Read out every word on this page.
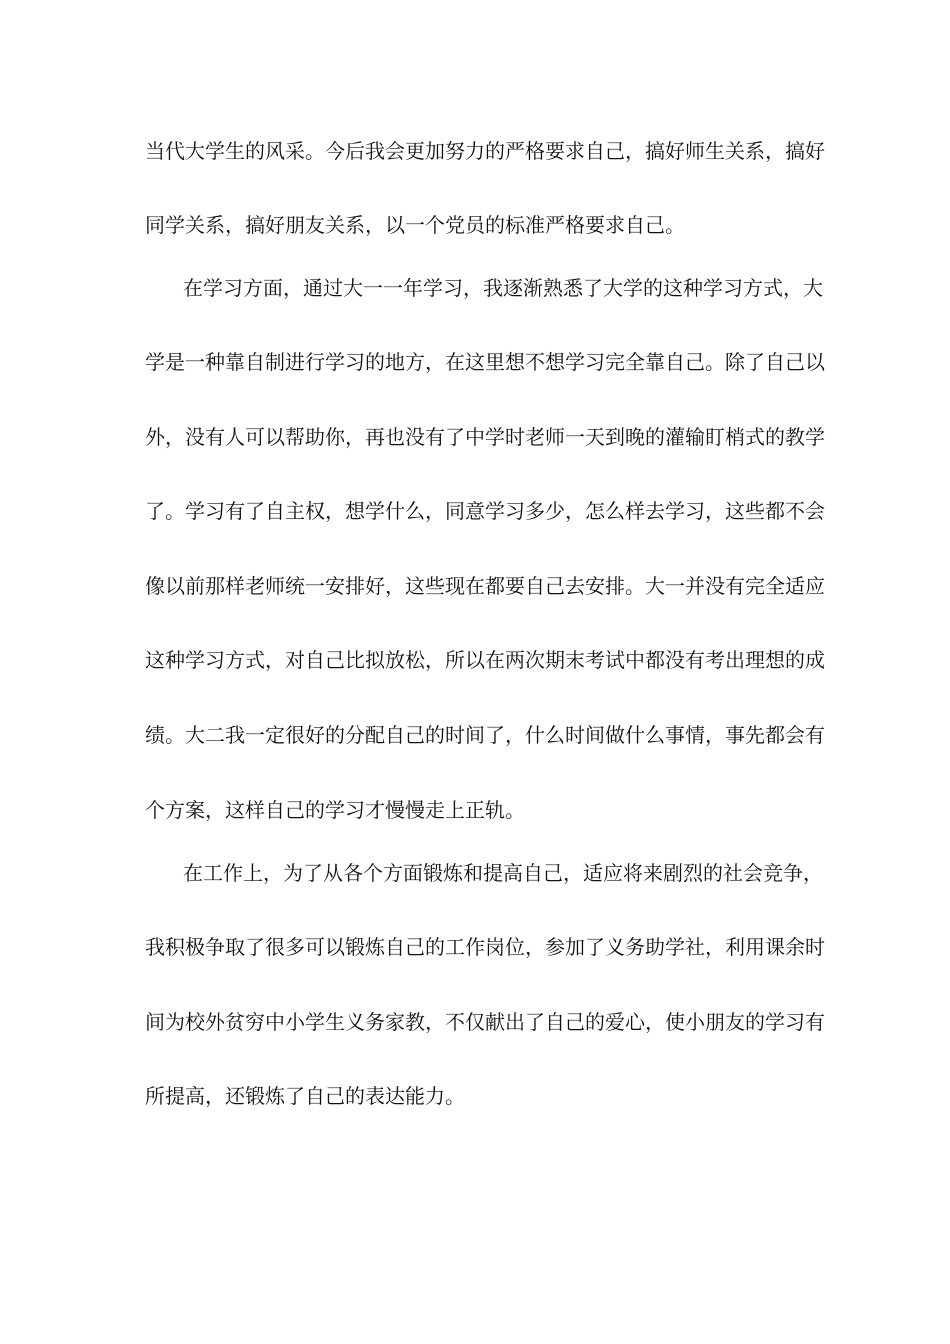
当代大学生的风采。今后我会更加努力的严格要求自己，搞好师生关系，搞好
同学关系，搞好朋友关系，以一个党员的标准严格要求自己。
在学习方面，通过大一一年学习，我逐渐熟悉了大学的这种学习方式，大
学是一种靠自制进行学习的地方，在这里想不想学习完全靠自己。除了自己以
外，没有人可以帮助你，再也没有了中学时老师一天到晚的灌输盯梢式的教学
了。学习有了自主权，想学什么，同意学习多少，怎么样去学习，这些都不会
像以前那样老师统一安排好，这些现在都要自己去安排。大一并没有完全适应
这种学习方式，对自己比拟放松，所以在两次期末考试中都没有考出理想的成
绩。大二我一定很好的分配自己的时间了，什么时间做什么事情，事先都会有
个方案，这样自己的学习才慢慢走上正轨。
在工作上，为了从各个方面锻炼和提高自己，适应将来剧烈的社会竞争，
我积极争取了很多可以锻炼自己的工作岗位，参加了义务助学社，利用课余时
间为校外贫穷中小学生义务家教，不仅献出了自己的爱心，使小朋友的学习有
所提高，还锻炼了自己的表达能力。
